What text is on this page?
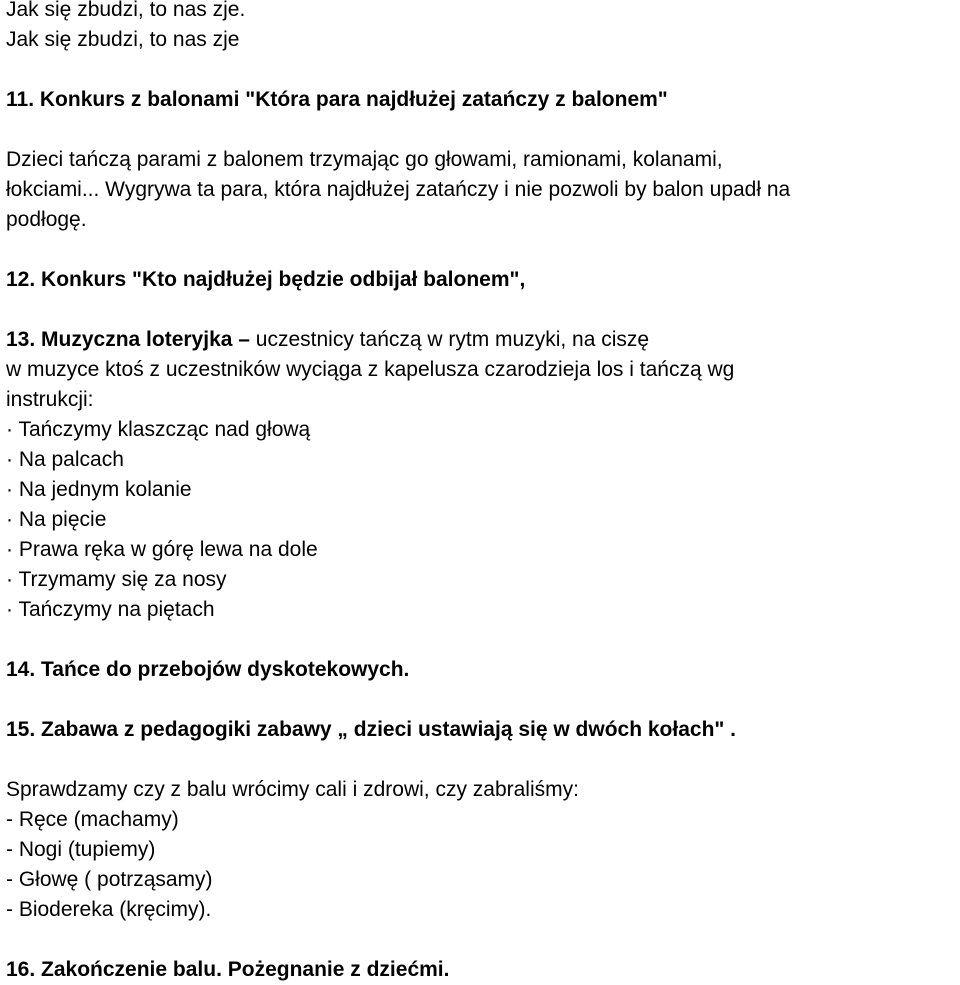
Jak się zbudzi, to nas zje.
Jak się zbudzi, to nas zje
11. Konkurs z balonami "Która para najdłużej zatańczy z balonem"
Dzieci tańczą parami z balonem trzymając go głowami, ramionami, kolanami,
łokciami... Wygrywa ta para, która najdłużej zatańczy i nie pozwoli by balon upadł na
podłogę.
12. Konkurs "Kto najdłużej będzie odbijał balonem",
13. Muzyczna loteryjka – uczestnicy tańczą w rytm muzyki, na ciszę
w muzyce ktoś z uczestników wyciąga z kapelusza czarodzieja los i tańczą wg
instrukcji:
· Tańczymy klaszcząc nad głową
· Na palcach
· Na jednym kolanie
· Na pięcie
· Prawa ręka w górę lewa na dole
· Trzymamy się za nosy
· Tańczymy na piętach
14. Tańce do przebojów dyskotekowych.
15. Zabawa z pedagogiki zabawy „ dzieci ustawiają się w dwóch kołach" .
Sprawdzamy czy z balu wrócimy cali i zdrowi, czy zabraliśmy:
- Ręce (machamy)
- Nogi (tupiemy)
- Głowę ( potrząsamy)
- Biodereka (kręcimy).
16. Zakończenie balu. Pożegnanie z dziećmi.
